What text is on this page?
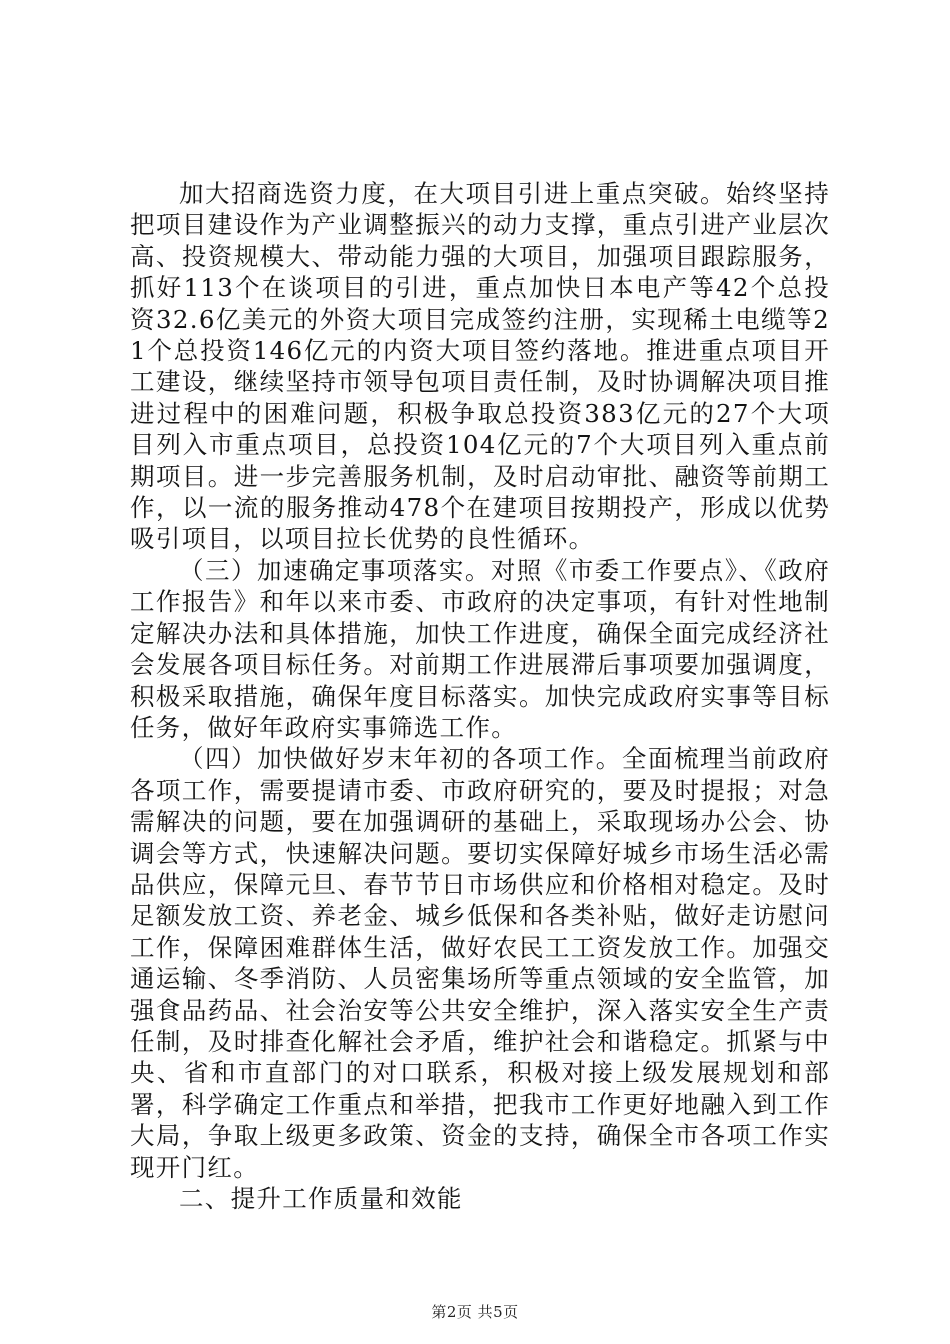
加大招商选资力度，在大项目引进上重点突破。始终坚持把项目建设作为产业调整振兴的动力支撑，重点引进产业层次高、投资规模大、带动能力强的大项目，加强项目跟踪服务，抓好113个在谈项目的引进，重点加快日本电产等42个总投资32.6亿美元的外资大项目完成签约注册，实现稀土电缆等21个总投资146亿元的内资大项目签约落地。推进重点项目开工建设，继续坚持市领导包项目责任制，及时协调解决项目推进过程中的困难问题，积极争取总投资383亿元的27个大项目列入市重点项目，总投资104亿元的7个大项目列入重点前期项目。进一步完善服务机制，及时启动审批、融资等前期工作，以一流的服务推动478个在建项目按期投产，形成以优势吸引项目，以项目拉长优势的良性循环。

（三）加速确定事项落实。对照《市委工作要点》、《政府工作报告》和年以来市委、市政府的决定事项，有针对性地制定解决办法和具体措施，加快工作进度，确保全面完成经济社会发展各项目标任务。对前期工作进展滞后事项要加强调度，积极采取措施，确保年度目标落实。加快完成政府实事等目标任务，做好年政府实事筛选工作。

（四）加快做好岁末年初的各项工作。全面梳理当前政府各项工作，需要提请市委、市政府研究的，要及时提报；对急需解决的问题，要在加强调研的基础上，采取现场办公会、协调会等方式，快速解决问题。要切实保障好城乡市场生活必需品供应，保障元旦、春节节日市场供应和价格相对稳定。及时足额发放工资、养老金、城乡低保和各类补贴，做好走访慰问工作，保障困难群体生活，做好农民工工资发放工作。加强交通运输、冬季消防、人员密集场所等重点领域的安全监管，加强食品药品、社会治安等公共安全维护，深入落实安全生产责任制，及时排查化解社会矛盾，维护社会和谐稳定。抓紧与中央、省和市直部门的对口联系，积极对接上级发展规划和部署，科学确定工作重点和举措，把我市工作更好地融入到工作大局，争取上级更多政策、资金的支持，确保全市各项工作实现开门红。

二、提升工作质量和效能

第2页 共5页
